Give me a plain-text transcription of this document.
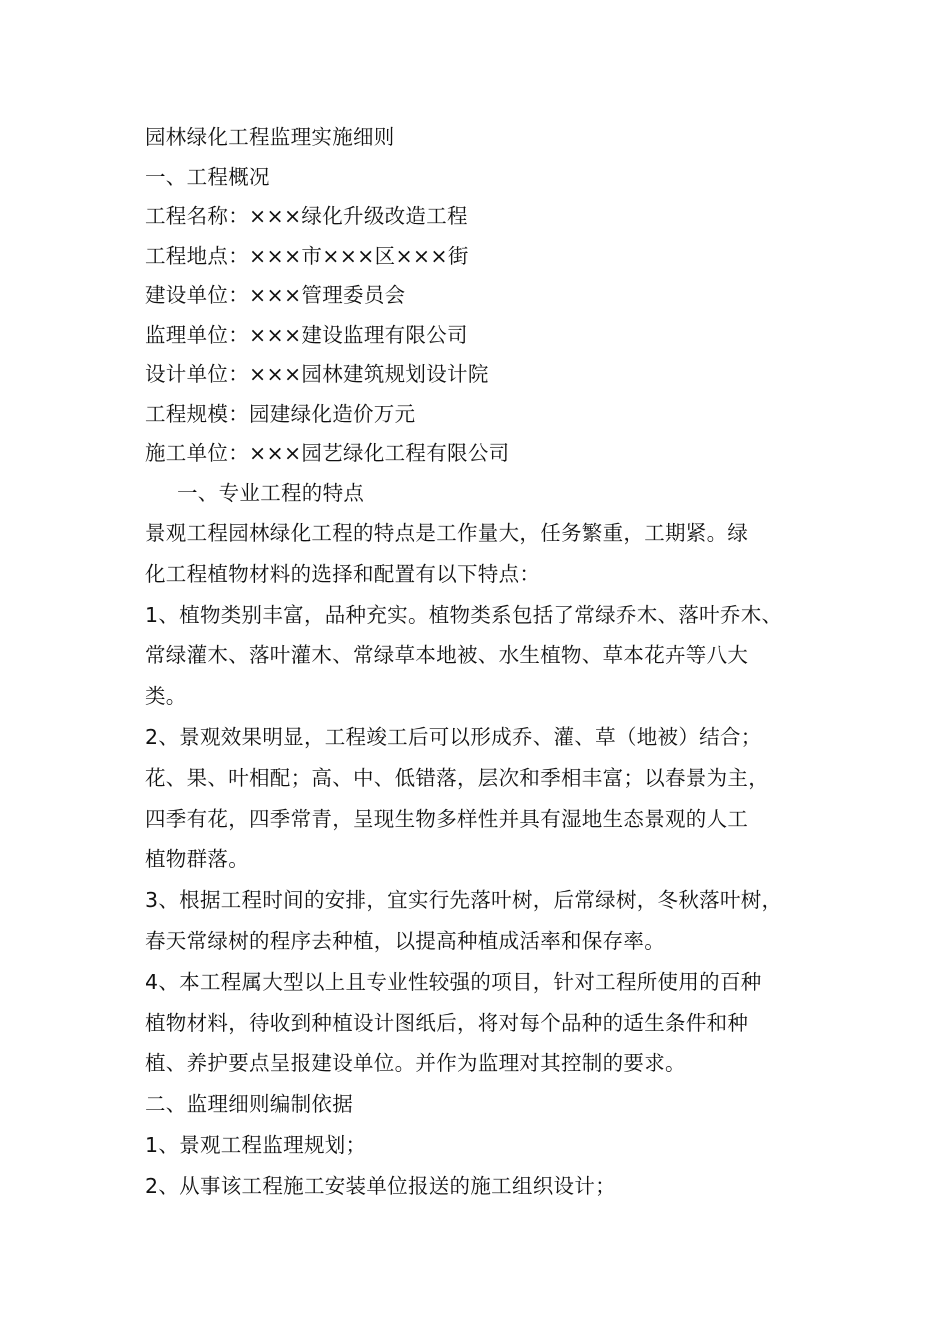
园林绿化工程监理实施细则
一、工程概况
工程名称：×××绿化升级改造工程
工程地点：×××市×××区×××街
建设单位：×××管理委员会
监理单位：×××建设监理有限公司
设计单位：×××园林建筑规划设计院
工程规模：园建绿化造价万元
施工单位：×××园艺绿化工程有限公司
一、专业工程的特点
景观工程园林绿化工程的特点是工作量大，任务繁重，工期紧。绿
化工程植物材料的选择和配置有以下特点：
1、植物类别丰富，品种充实。植物类系包括了常绿乔木、落叶乔木、
常绿灌木、落叶灌木、常绿草本地被、水生植物、草本花卉等八大
类。
2、景观效果明显，工程竣工后可以形成乔、灌、草（地被）结合；
花、果、叶相配；高、中、低错落，层次和季相丰富；以春景为主，
四季有花，四季常青，呈现生物多样性并具有湿地生态景观的人工
植物群落。
3、根据工程时间的安排，宜实行先落叶树，后常绿树，冬秋落叶树，
春天常绿树的程序去种植，以提高种植成活率和保存率。
4、本工程属大型以上且专业性较强的项目，针对工程所使用的百种
植物材料，待收到种植设计图纸后，将对每个品种的适生条件和种
植、养护要点呈报建设单位。并作为监理对其控制的要求。
二、监理细则编制依据
1、景观工程监理规划；
2、从事该工程施工安装单位报送的施工组织设计；
